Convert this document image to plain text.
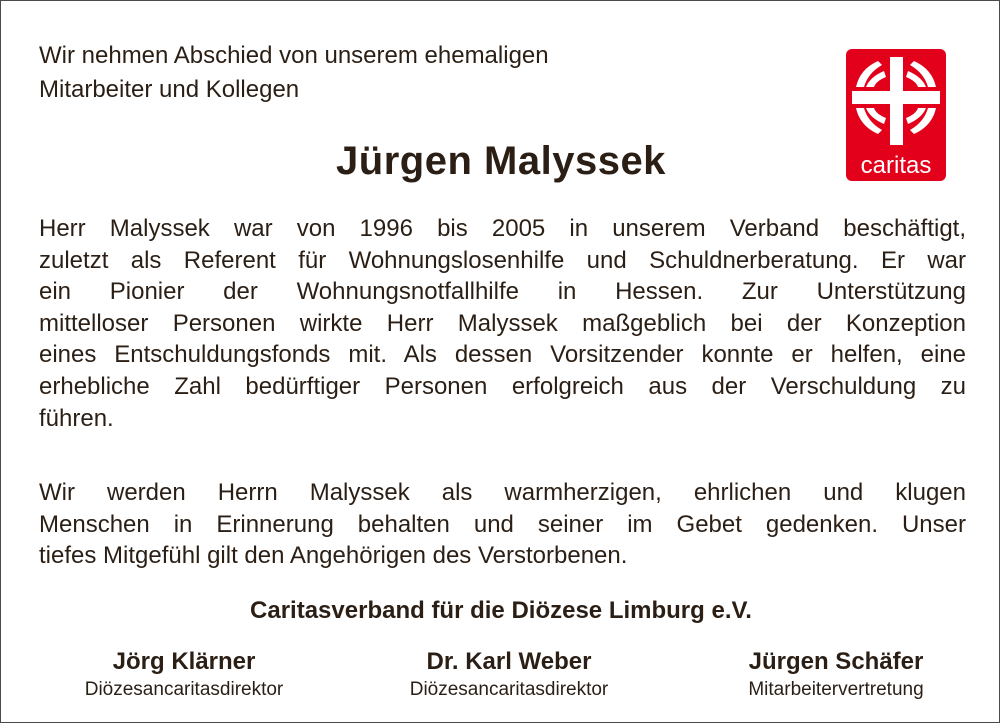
Wir nehmen Abschied von unserem ehemaligen
Mitarbeiter und Kollegen

caritas
Jürgen Malyssek

Herr Malyssek war von 1996 bis 2005 in unserem Verband beschäftigt,
zuletzt als Referent für Wohnungslosenhilfe und Schuldnerberatung. Er war
ein Pionier der Wohnungsnotfallhilfe in Hessen. Zur Unterstützung
mittelloser Personen wirkte Herr Malyssek maßgeblich bei der Konzeption
eines Entschuldungsfonds mit. Als dessen Vorsitzender konnte er helfen, eine
erhebliche Zahl bedürftiger Personen erfolgreich aus der Verschuldung zu
führen.

Wir werden Herrn Malyssek als warmherzigen, ehrlichen und klugen
Menschen in Erinnerung behalten und seiner im Gebet gedenken. Unser
tiefes Mitgefühl gilt den Angehörigen des Verstorbenen.

Caritasverband für die Diözese Limburg e.V.

Jörg Klärner
Diözesancaritasdirektor
Dr. Karl Weber
Diözesancaritasdirektor
Jürgen Schäfer
Mitarbeitervertretung
